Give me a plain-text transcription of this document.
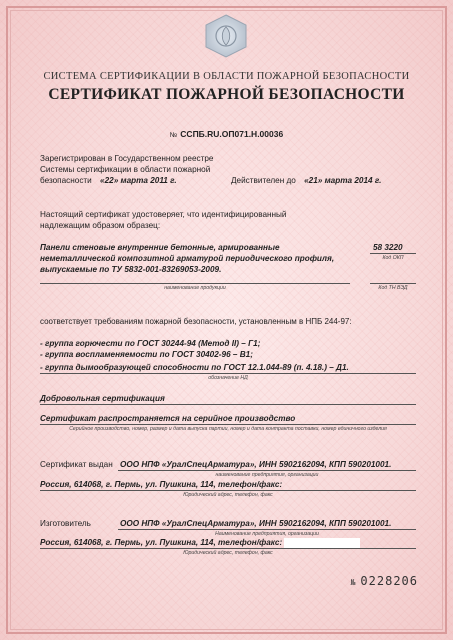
СИСТЕМА СЕРТИФИКАЦИИ В ОБЛАСТИ ПОЖАРНОЙ БЕЗОПАСНОСТИ
СЕРТИФИКАТ ПОЖАРНОЙ БЕЗОПАСНОСТИ
№ ССПБ.RU.ОП071.Н.00036
Зарегистрирован в Государственном реестре
Системы сертификации в области пожарной
безопасности «22» марта 2011 г.	Действителен до «21» марта 2014 г.
Настоящий сертификат удостоверяет, что идентифицированный
надлежащим образом образец:
Панели стеновые внутренние бетонные, армированные
неметаллической композитной арматурой периодического профиля,
выпускаемые по ТУ 5832-001-83269053-2009.
58 3220
Код ОКП
наименование продукции	Код ТН ВЭД
соответствует требованиям пожарной безопасности, установленным в НПБ 244-97:
- группа горючести по ГОСТ 30244-94 (Метод II) – Г1;
- группа воспламеняемости по ГОСТ 30402-96 – В1;
- группа дымообразующей способности по ГОСТ 12.1.044-89 (п. 4.18.) – Д1.
обозначение НД
Добровольная сертификация
Сертификат распространяется на серийное производство
Серийное производство, номер, размер и дата выпуска партии, номер и дата контракта поставки, номер единичного изделия
Сертификат выдан ООО НПФ «УралСпецАрматура», ИНН 5902162094, КПП 590201001.
наименование предприятия, организации
Россия, 614068, г. Пермь, ул. Пушкина, 114, телефон/факс:
Юридический адрес, телефон, факс
Изготовитель	ООО НПФ «УралСпецАрматура», ИНН 5902162094, КПП 590201001.
Наименование предприятия, организации
Россия, 614068, г. Пермь, ул. Пушкина, 114, телефон/факс:
Юридический адрес, телефон, факс
№ 0228206
